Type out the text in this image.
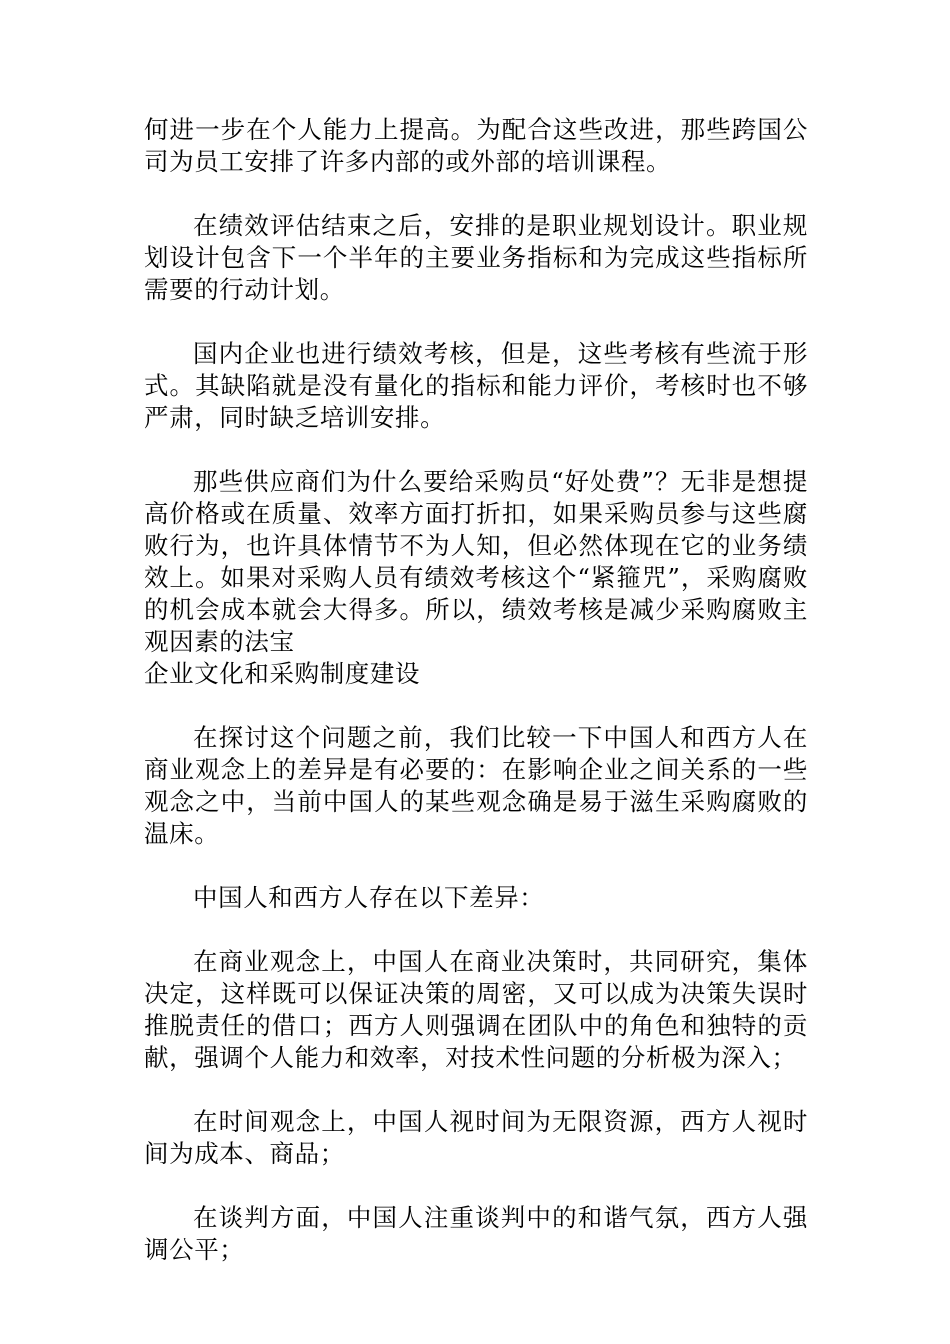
何进一步在个人能力上提高。为配合这些改进，那些跨国公司为员工安排了许多内部的或外部的培训课程。

在绩效评估结束之后，安排的是职业规划设计。职业规划设计包含下一个半年的主要业务指标和为完成这些指标所需要的行动计划。

国内企业也进行绩效考核，但是，这些考核有些流于形式。其缺陷就是没有量化的指标和能力评价，考核时也不够严肃，同时缺乏培训安排。

那些供应商们为什么要给采购员“好处费”？无非是想提高价格或在质量、效率方面打折扣，如果采购员参与这些腐败行为，也许具体情节不为人知，但必然体现在它的业务绩效上。如果对采购人员有绩效考核这个“紧箍咒”，采购腐败的机会成本就会大得多。所以，绩效考核是减少采购腐败主观因素的法宝

企业文化和采购制度建设

在探讨这个问题之前，我们比较一下中国人和西方人在商业观念上的差异是有必要的：在影响企业之间关系的一些观念之中，当前中国人的某些观念确是易于滋生采购腐败的温床。

中国人和西方人存在以下差异：

在商业观念上，中国人在商业决策时，共同研究，集体决定，这样既可以保证决策的周密，又可以成为决策失误时推脱责任的借口；西方人则强调在团队中的角色和独特的贡献，强调个人能力和效率，对技术性问题的分析极为深入；

在时间观念上，中国人视时间为无限资源，西方人视时间为成本、商品；

在谈判方面，中国人注重谈判中的和谐气氛，西方人强调公平；
